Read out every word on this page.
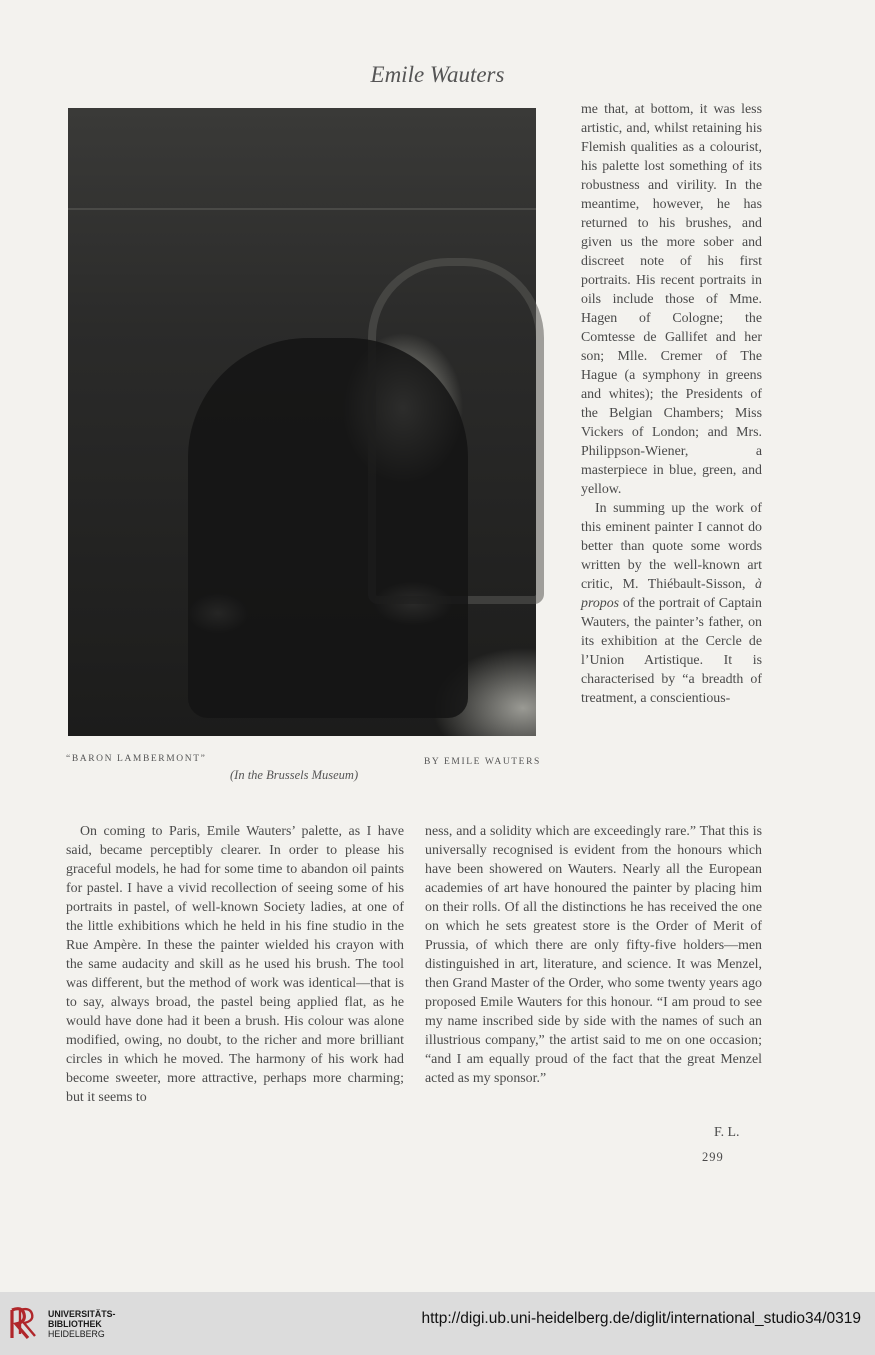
Emile Wauters
“BARON LAMBERMONT”	BY EMILE WAUTERS
(In the Brussels Museum)

me that, at bottom, it was less artistic, and, whilst retaining his Flemish qualities as a colourist, his palette lost something of its robustness and virility. In the meantime, however, he has returned to his brushes, and given us the more sober and discreet note of his first portraits. His recent portraits in oils include those of Mme. Hagen of Cologne; the Comtesse de Gallifet and her son; Mlle. Cremer of The Hague (a symphony in greens and whites); the Presidents of the Belgian Chambers; Miss Vickers of London; and Mrs. Philippson-Wiener, a masterpiece in blue, green, and yellow.

In summing up the work of this eminent painter I cannot do better than quote some words written by the well-known art critic, M. Thiébault-Sisson, à propos of the portrait of Captain Wauters, the painter’s father, on its exhibition at the Cercle de l’Union Artistique. It is characterised by “a breadth of treatment, a conscientious-

On coming to Paris, Emile Wauters’ palette, as I have said, became perceptibly clearer. In order to please his graceful models, he had for some time to abandon oil paints for pastel. I have a vivid recollection of seeing some of his portraits in pastel, of well-known Society ladies, at one of the little exhibitions which he held in his fine studio in the Rue Ampère. In these the painter wielded his crayon with the same audacity and skill as he used his brush. The tool was different, but the method of work was identical—that is to say, always broad, the pastel being applied flat, as he would have done had it been a brush. His colour was alone modified, owing, no doubt, to the richer and more brilliant circles in which he moved. The harmony of his work had become sweeter, more attractive, perhaps more charming; but it seems to

ness, and a solidity which are exceedingly rare.” That this is universally recognised is evident from the honours which have been showered on Wauters. Nearly all the European academies of art have honoured the painter by placing him on their rolls. Of all the distinctions he has received the one on which he sets greatest store is the Order of Merit of Prussia, of which there are only fifty-five holders—men distinguished in art, literature, and science. It was Menzel, then Grand Master of the Order, who some twenty years ago proposed Emile Wauters for this honour. “I am proud to see my name inscribed side by side with the names of such an illustrious company,” the artist said to me on one occasion; “and I am equally proud of the fact that the great Menzel acted as my sponsor.”

F. L.
299
UNIVERSITÄTS-
BIBLIOTHEK
HEIDELBERG
http://digi.ub.uni-heidelberg.de/diglit/international_studio34/0319
